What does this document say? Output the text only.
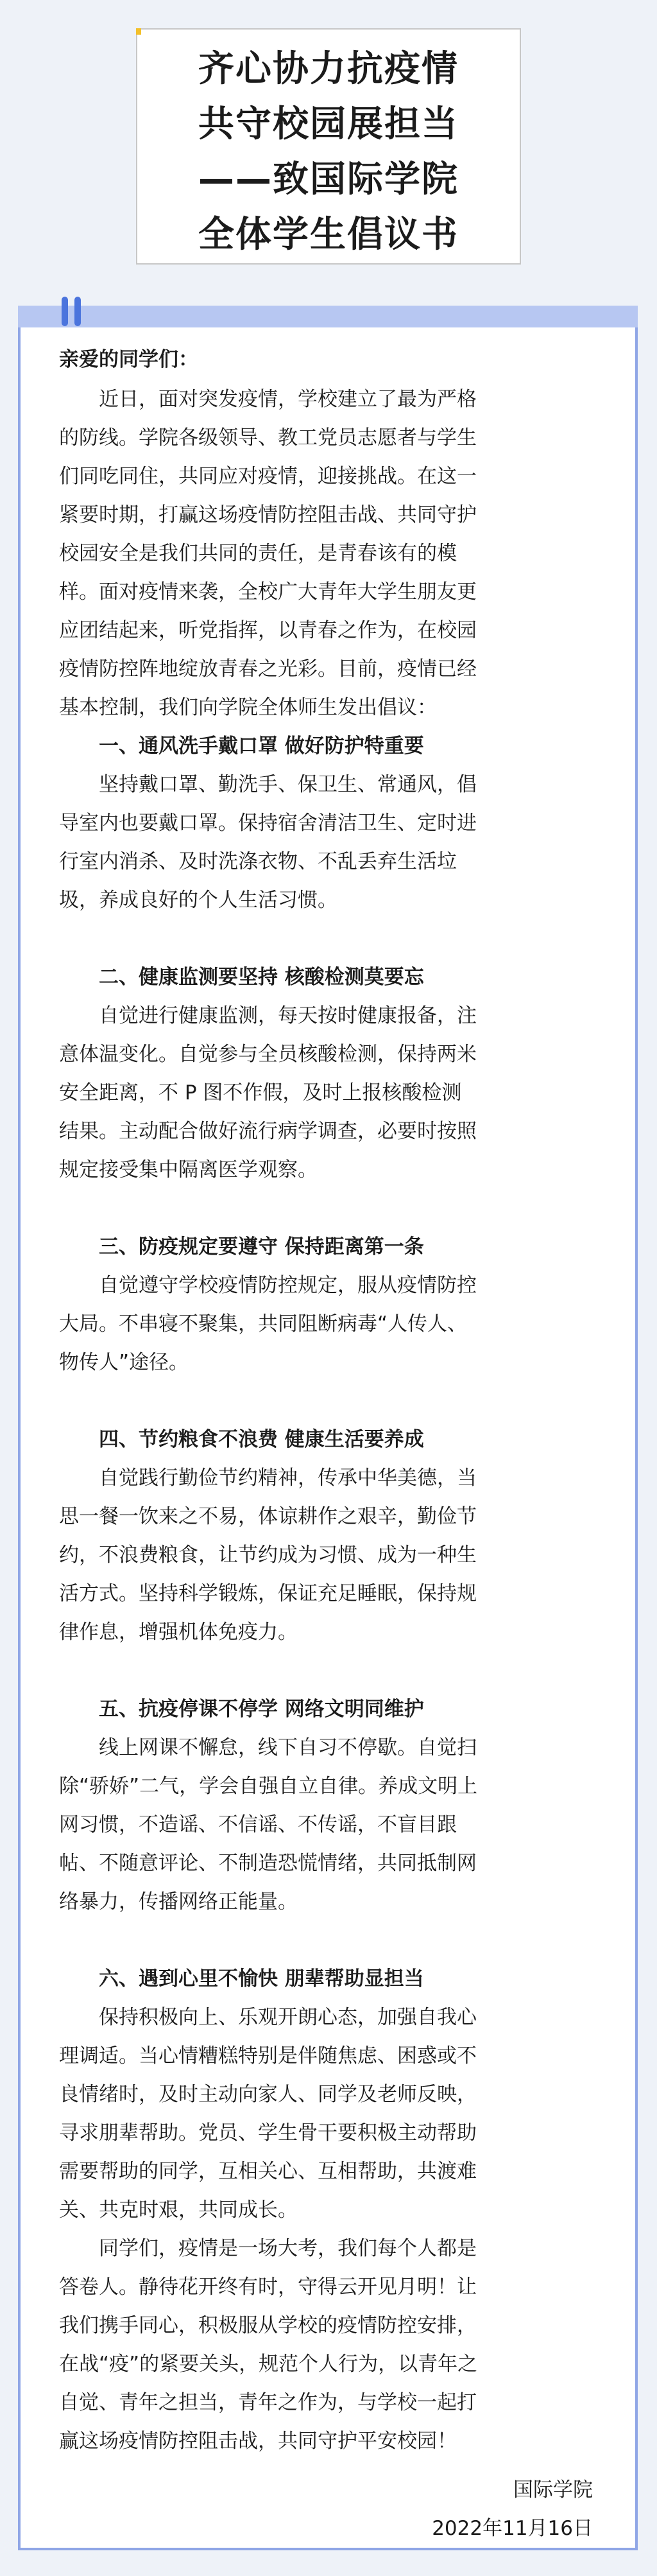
齐心协力抗疫情
共守校园展担当
——致国际学院
全体学生倡议书
亲爱的同学们：
近日，面对突发疫情，学校建立了最为严格
的防线。学院各级领导、教工党员志愿者与学生
们同吃同住，共同应对疫情，迎接挑战。在这一
紧要时期，打赢这场疫情防控阻击战、共同守护
校园安全是我们共同的责任，是青春该有的模
样。面对疫情来袭，全校广大青年大学生朋友更
应团结起来，听党指挥，以青春之作为，在校园
疫情防控阵地绽放青春之光彩。目前，疫情已经
基本控制，我们向学院全体师生发出倡议：
一、通风洗手戴口罩 做好防护特重要
坚持戴口罩、勤洗手、保卫生、常通风，倡
导室内也要戴口罩。保持宿舍清洁卫生、定时进
行室内消杀、及时洗涤衣物、不乱丢弃生活垃
圾，养成良好的个人生活习惯。
二、健康监测要坚持 核酸检测莫要忘
自觉进行健康监测，每天按时健康报备，注
意体温变化。自觉参与全员核酸检测，保持两米
安全距离，不 P 图不作假，及时上报核酸检测
结果。主动配合做好流行病学调查，必要时按照
规定接受集中隔离医学观察。
三、防疫规定要遵守 保持距离第一条
自觉遵守学校疫情防控规定，服从疫情防控
大局。不串寝不聚集，共同阻断病毒“人传人、
物传人”途径。
四、节约粮食不浪费 健康生活要养成
自觉践行勤俭节约精神，传承中华美德，当
思一餐一饮来之不易，体谅耕作之艰辛，勤俭节
约，不浪费粮食，让节约成为习惯、成为一种生
活方式。坚持科学锻炼，保证充足睡眠，保持规
律作息，增强机体免疫力。
五、抗疫停课不停学 网络文明同维护
线上网课不懈怠，线下自习不停歇。自觉扫
除“骄娇”二气，学会自强自立自律。养成文明上
网习惯，不造谣、不信谣、不传谣，不盲目跟
帖、不随意评论、不制造恐慌情绪，共同抵制网
络暴力，传播网络正能量。
六、遇到心里不愉快 朋辈帮助显担当
保持积极向上、乐观开朗心态，加强自我心
理调适。当心情糟糕特别是伴随焦虑、困惑或不
良情绪时，及时主动向家人、同学及老师反映，
寻求朋辈帮助。党员、学生骨干要积极主动帮助
需要帮助的同学，互相关心、互相帮助，共渡难
关、共克时艰，共同成长。
同学们，疫情是一场大考，我们每个人都是
答卷人。静待花开终有时，守得云开见月明！让
我们携手同心，积极服从学校的疫情防控安排，
在战“疫”的紧要关头，规范个人行为，以青年之
自觉、青年之担当，青年之作为，与学校一起打
赢这场疫情防控阻击战，共同守护平安校园！
国际学院
2022年11月16日
